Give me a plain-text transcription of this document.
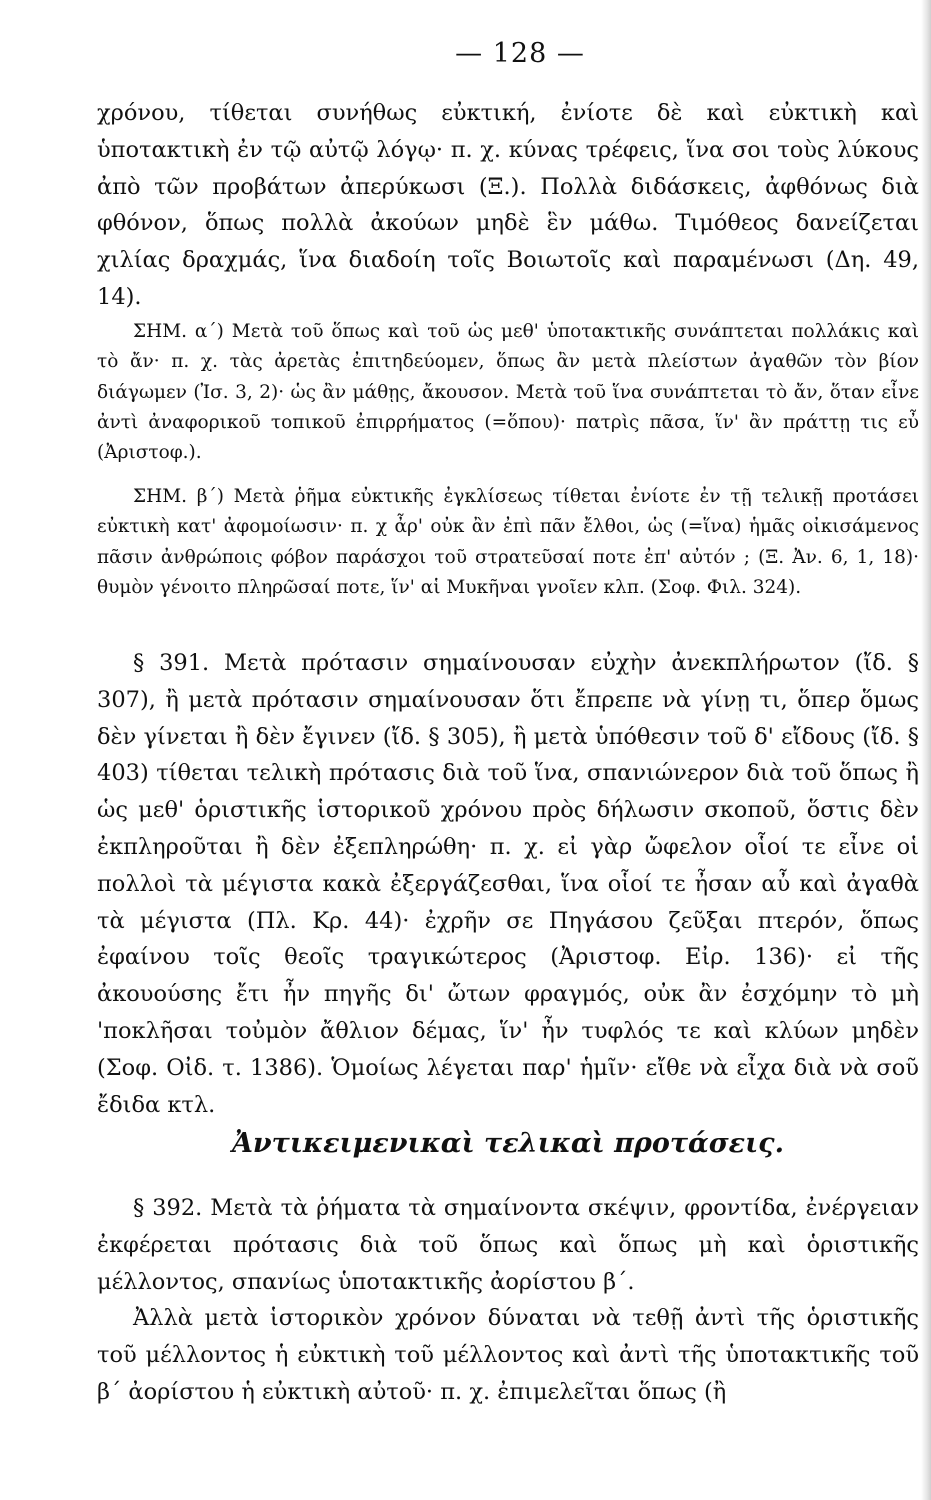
— 128 —

χρόνου, τίθεται συνήθως εὐκτική, ἐνίοτε δὲ καὶ εὐκτικὴ καὶ ὑποτακτικὴ ἐν τῷ αὐτῷ λόγῳ· π. χ. κύνας τρέφεις, ἵνα σοι τοὺς λύκους ἀπὸ τῶν προβάτων ἀπερύκωσι (Ξ.). Πολλὰ διδάσκεις, ἀφθόνως διὰ φθόνον, ὅπως πολλὰ ἀκούων μηδὲ ἓν μάθω. Τιμόθεος δανείζεται χιλίας δραχμάς, ἵνα διαδοίη τοῖς Βοιωτοῖς καὶ παραμένωσι (Δη. 49, 14).

ΣΗΜ. α΄) Μετὰ τοῦ ὅπως καὶ τοῦ ὡς μεθ' ὑποτακτικῆς συνάπτεται πολλάκις καὶ τὸ ἄν· π. χ. τὰς ἀρετὰς ἐπιτηδεύομεν, ὅπως ἂν μετὰ πλείστων ἀγαθῶν τὸν βίον διάγωμεν (Ἰσ. 3, 2)· ὡς ἂν μάθῃς, ἄκουσον. Μετὰ τοῦ ἵνα συνάπτεται τὸ ἄν, ὅταν εἶνε ἀντὶ ἀναφορικοῦ τοπικοῦ ἐπιρρήματος (=ὅπου)· πατρὶς πᾶσα, ἵν' ἂν πράττῃ τις εὖ (Ἀριστοφ.).

ΣΗΜ. β΄) Μετὰ ῥῆμα εὐκτικῆς ἐγκλίσεως τίθεται ἐνίοτε ἐν τῇ τελικῇ προτάσει εὐκτικὴ κατ' ἀφομοίωσιν· π. χ ἆρ' οὐκ ἂν ἐπὶ πᾶν ἔλθοι, ὡς (=ἵνα) ἡμᾶς οἰκισάμενος πᾶσιν ἀνθρώποις φόβον παράσχοι τοῦ στρατεῦσαί ποτε ἐπ' αὐτόν ; (Ξ. Ἀν. 6, 1, 18)· θυμὸν γένοιτο πληρῶσαί ποτε, ἵν' αἱ Μυκῆναι γνοῖεν κλπ. (Σοφ. Φιλ. 324).

§ 391. Μετὰ πρότασιν σημαίνουσαν εὐχὴν ἀνεκπλήρωτον (ἴδ. § 307), ἢ μετὰ πρότασιν σημαίνουσαν ὅτι ἔπρεπε νὰ γίνῃ τι, ὅπερ ὅμως δὲν γίνεται ἢ δὲν ἔγινεν (ἴδ. § 305), ἢ μετὰ ὑπόθεσιν τοῦ δ' εἴδους (ἴδ. § 403) τίθεται τελικὴ πρότασις διὰ τοῦ ἵνα, σπανιώνερον διὰ τοῦ ὅπως ἢ ὡς μεθ' ὁριστικῆς ἱστορικοῦ χρόνου πρὸς δήλωσιν σκοποῦ, ὅστις δὲν ἐκπληροῦται ἢ δὲν ἐξεπληρώθη· π. χ. εἰ γὰρ ὤφελον οἷοί τε εἶνε οἱ πολλοὶ τὰ μέγιστα κακὰ ἐξεργάζεσθαι, ἵνα οἷοί τε ἦσαν αὖ καὶ ἀγαθὰ τὰ μέγιστα (Πλ. Κρ. 44)· ἐχρῆν σε Πηγάσου ζεῦξαι πτερόν, ὅπως ἐφαίνου τοῖς θεοῖς τραγικώτερος (Ἀριστοφ. Εἰρ. 136)· εἰ τῆς ἀκουούσης ἔτι ἦν πηγῆς δι' ὤτων φραγμός, οὐκ ἂν ἐσχόμην τὸ μὴ 'ποκλῆσαι τοὐμὸν ἄθλιον δέμας, ἵν' ἦν τυφλός τε καὶ κλύων μηδὲν (Σοφ. Οἰδ. τ. 1386). Ὁμοίως λέγεται παρ' ἡμῖν· εἴθε νὰ εἶχα διὰ νὰ σοῦ ἔδιδα κτλ.

Ἀντικειμενικαὶ τελικαὶ προτάσεις.

§ 392. Μετὰ τὰ ῥήματα τὰ σημαίνοντα σκέψιν, φροντίδα, ἐνέργειαν ἐκφέρεται πρότασις διὰ τοῦ ὅπως καὶ ὅπως μὴ καὶ ὁριστικῆς μέλλοντος, σπανίως ὑποτακτικῆς ἀορίστου β΄.

Ἀλλὰ μετὰ ἱστορικὸν χρόνον δύναται νὰ τεθῇ ἀντὶ τῆς ὁριστικῆς τοῦ μέλλοντος ἡ εὐκτικὴ τοῦ μέλλοντος καὶ ἀντὶ τῆς ὑποτακτικῆς τοῦ β΄ ἀορίστου ἡ εὐκτικὴ αὐτοῦ· π. χ. ἐπιμελεῖται ὅπως (ἢ
